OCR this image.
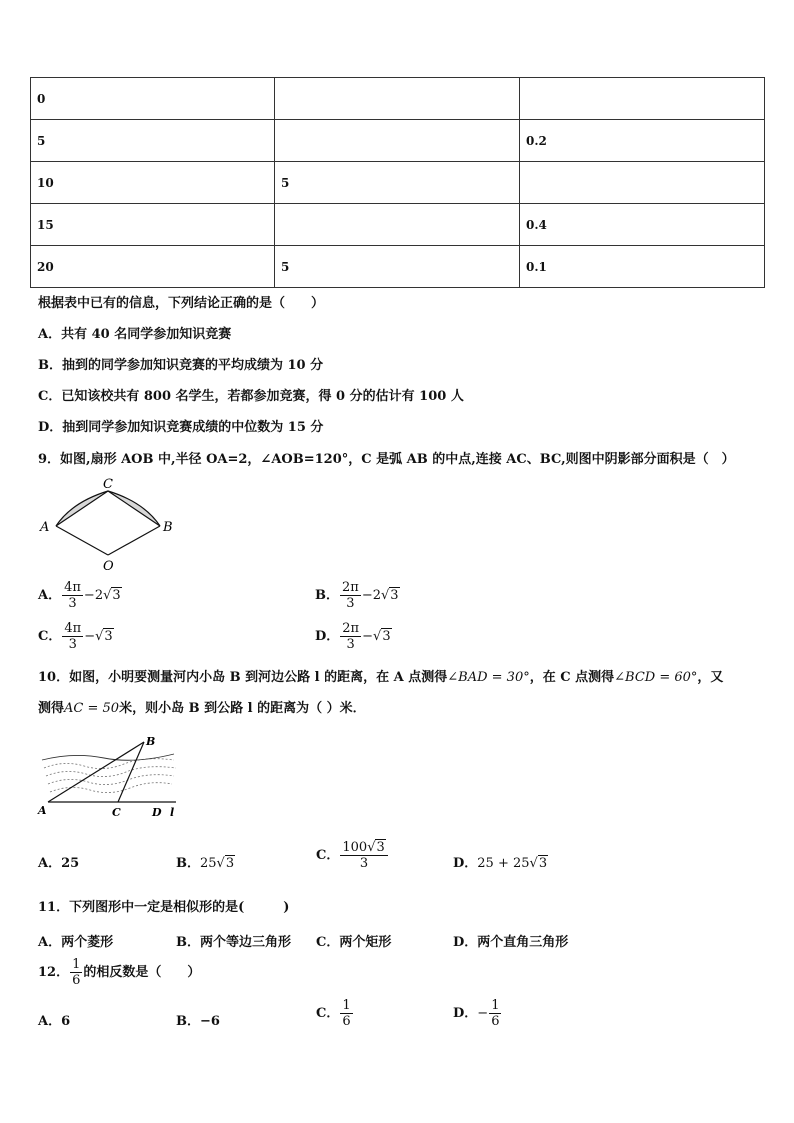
0		
5		0.2
10	5	
15		0.4
20	5	0.1
根据表中已有的信息，下列结论正确的是（　　）
A．共有 40 名同学参加知识竞赛
B．抽到的同学参加知识竞赛的平均成绩为 10 分
C．已知该校共有 800 名学生，若都参加竞赛，得 0 分的估计有 100 人
D．抽到同学参加知识竞赛成绩的中位数为 15 分
9．如图,扇形 AOB 中,半径 OA=2，∠AOB=120°，C 是弧 AB 的中点,连接 AC、BC,则图中阴影部分面积是（　）
A	B
C
O
A． $\frac{4\pi}{3} -2√3$	B． $\frac{2\pi}{3} -2√3$
C． $\frac{4\pi}{3} -√3$	D． $\frac{2\pi}{3} -√3$
10．如图，小明要测量河内小岛 B 到河边公路 l 的距离，在 A 点测得∠BAD = 30°，在 C 点测得∠BCD = 60°，又
测得AC = 50米，则小岛 B 到公路 l 的距离为（ ）米．
A
B
C	D l
A．25	B．25√3
C． $\frac{100√3}{3}$	D．25 + 25√3
11．下列图形中一定是相似形的是(　　　)
A．两个菱形	B．两个等边三角形 C．两个矩形	D．两个直角三角形
12． $\frac{1}{6}$ 的相反数是（　　）
A．6	B．−6
C． $\frac{1}{6}$	D．− $\frac{1}{6}$
